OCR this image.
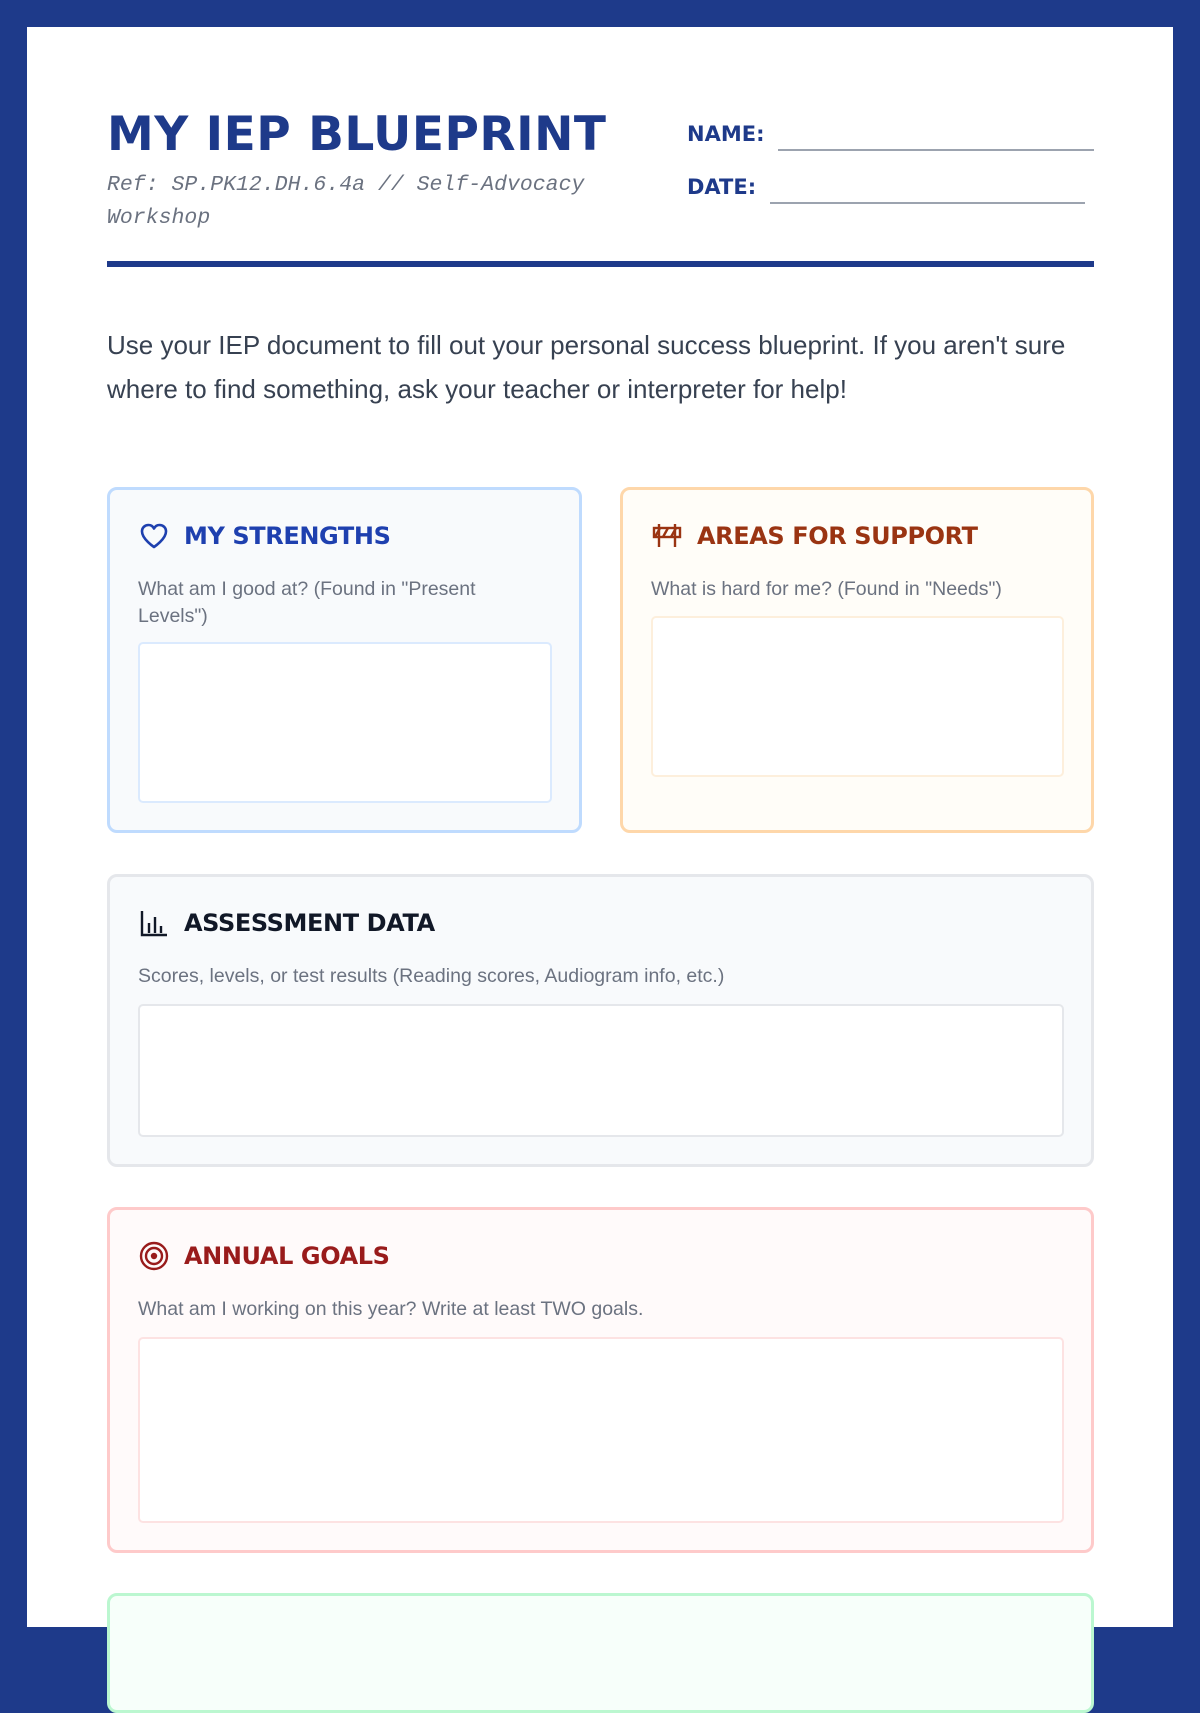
MY IEP BLUEPRINT
Ref: SP.PK12.DH.6.4a // Self-Advocacy Workshop
NAME:
DATE:

Use your IEP document to fill out your personal success blueprint. If you aren't sure where to find something, ask your teacher or interpreter for help!

MY STRENGTHS
What am I good at? (Found in "Present Levels")
AREAS FOR SUPPORT
What is hard for me? (Found in "Needs")
ASSESSMENT DATA
Scores, levels, or test results (Reading scores, Audiogram info, etc.)
ANNUAL GOALS
What am I working on this year? Write at least TWO goals.
